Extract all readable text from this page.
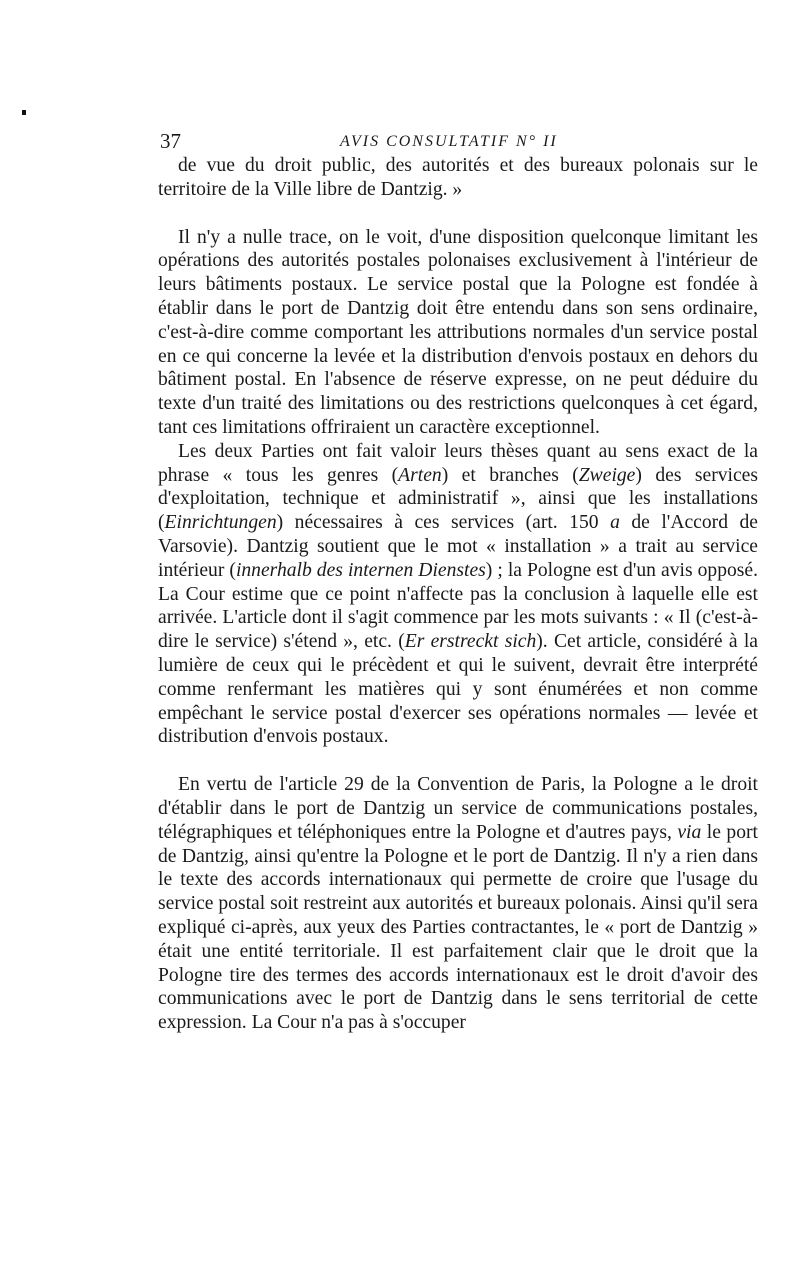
37	AVIS CONSULTATIF N° II

de vue du droit public, des autorités et des bureaux polonais sur le territoire de la Ville libre de Dantzig. »

Il n'y a nulle trace, on le voit, d'une disposition quelconque limitant les opérations des autorités postales polonaises exclusivement à l'intérieur de leurs bâtiments postaux. Le service postal que la Pologne est fondée à établir dans le port de Dantzig doit être entendu dans son sens ordinaire, c'est-à-dire comme comportant les attributions normales d'un service postal en ce qui concerne la levée et la distribution d'envois postaux en dehors du bâtiment postal. En l'absence de réserve expresse, on ne peut déduire du texte d'un traité des limitations ou des restrictions quelconques à cet égard, tant ces limitations offriraient un caractère exceptionnel.

Les deux Parties ont fait valoir leurs thèses quant au sens exact de la phrase « tous les genres (Arten) et branches (Zweige) des services d'exploitation, technique et administratif », ainsi que les installations (Einrichtungen) nécessaires à ces services (art. 150 a de l'Accord de Varsovie). Dantzig soutient que le mot « installation » a trait au service intérieur (innerhalb des internen Dienstes) ; la Pologne est d'un avis opposé. La Cour estime que ce point n'affecte pas la conclusion à laquelle elle est arrivée. L'article dont il s'agit commence par les mots suivants : « Il (c'est-à-dire le service) s'étend », etc. (Er erstreckt sich). Cet article, considéré à la lumière de ceux qui le précèdent et qui le suivent, devrait être interprété comme renfermant les matières qui y sont énumérées et non comme empêchant le service postal d'exercer ses opérations normales — levée et distribution d'envois postaux.

En vertu de l'article 29 de la Convention de Paris, la Pologne a le droit d'établir dans le port de Dantzig un service de communications postales, télégraphiques et téléphoniques entre la Pologne et d'autres pays, via le port de Dantzig, ainsi qu'entre la Pologne et le port de Dantzig. Il n'y a rien dans le texte des accords internationaux qui permette de croire que l'usage du service postal soit restreint aux autorités et bureaux polonais. Ainsi qu'il sera expliqué ci-après, aux yeux des Parties contractantes, le « port de Dantzig » était une entité territoriale. Il est parfaitement clair que le droit que la Pologne tire des termes des accords internationaux est le droit d'avoir des communications avec le port de Dantzig dans le sens territorial de cette expression. La Cour n'a pas à s'occuper
